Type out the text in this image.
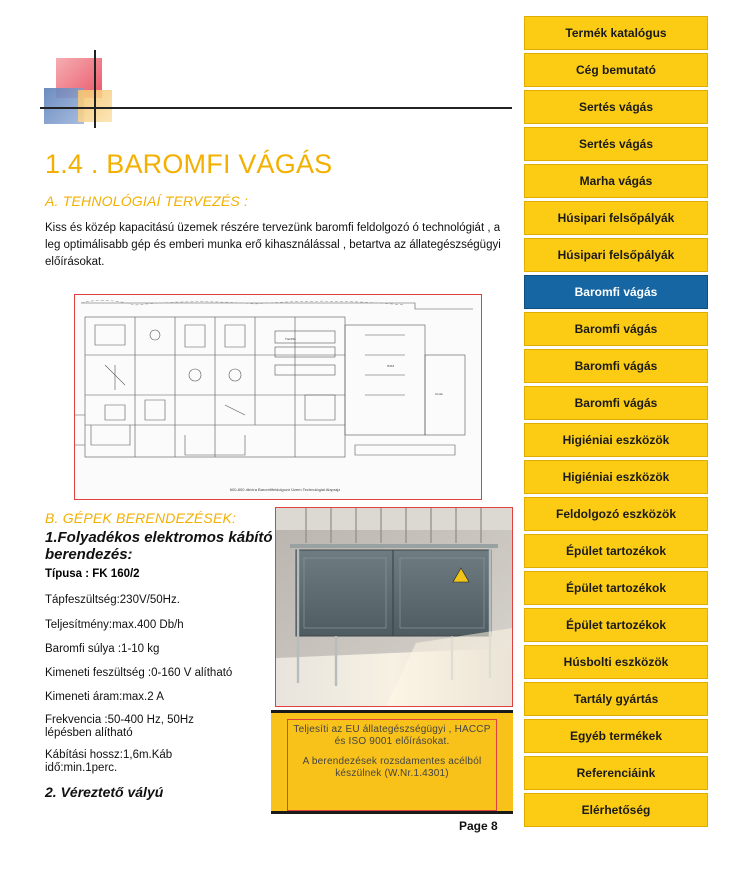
1.4 . BAROMFI VÁGÁS
A. TEHNOLÓGIAÍ TERVEZÉS :

Kiss és közép kapacitású üzemek részére tervezünk baromfi feldolgozó ó technológiát , a leg optimálisabb gép és emberi munka erő kihasználással , betartva az állategészségügyi előírásokat.

Hűtő
Iroda
Tisztító
600-800 db/óra Baromfifeldolgozó Üzem Technológiai Alaprajz
B. GÉPEK BERENDEZÉSEK:
1.Folyadékos elektromos kábító berendezés:
Típusa : FK 160/2
Tápfeszültség:230V/50Hz.
Teljesítmény:max.400 Db/h
Baromfi súlya :1-10 kg
Kimeneti feszültség :0-160 V alítható
Kimeneti áram:max.2 A
Frekvencia :50-400 Hz, 50Hz lépésben alítható
Kábítási hossz:1,6m.Káb idő:min.1perc.
2. Véreztető vályú

Teljesíti az EU állategészségügyi , HACCP és ISO 9001 előírásokat.

A berendezések rozsdamentes acélból készülnek (W.Nr.1.4301)

Page 8
Termék katalógus
Cég bemutató
Sertés vágás
Sertés vágás
Marha vágás
Húsipari felsőpályák
Húsipari felsőpályák
Baromfi vágás
Baromfi vágás
Baromfi vágás
Baromfi vágás
Higiéniai eszközök
Higiéniai eszközök
Feldolgozó eszközök
Épület tartozékok
Épület tartozékok
Épület tartozékok
Húsbolti eszközök
Tartály gyártás
Egyéb termékek
Referenciáink
Elérhetőség
